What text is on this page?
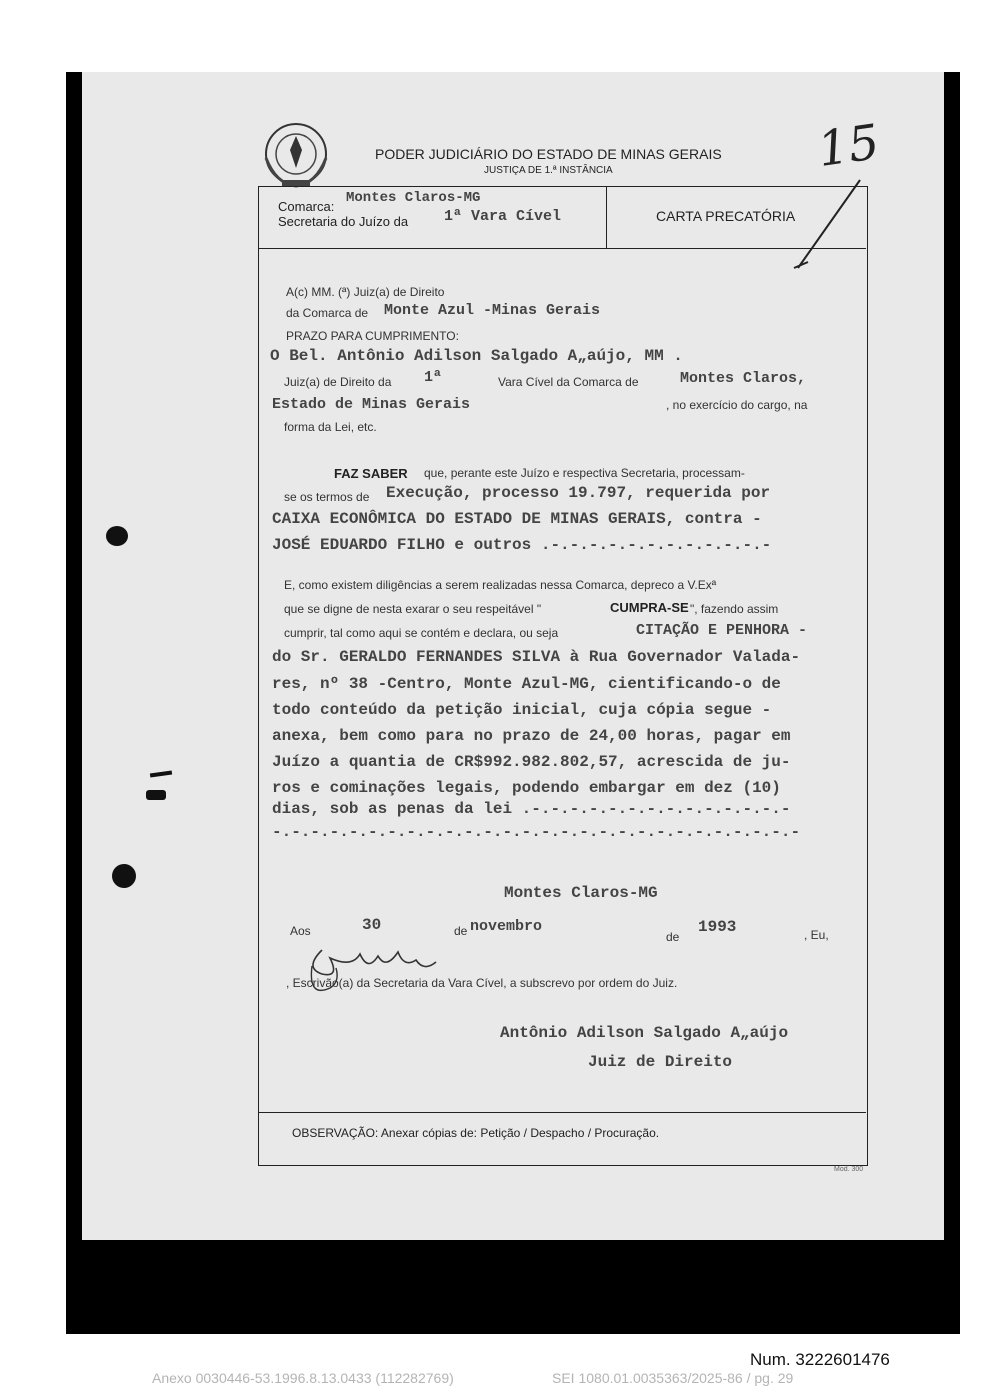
PODER JUDICIÁRIO DO ESTADO DE MINAS GERAIS
JUSTIÇA DE 1.ª INSTÂNCIA	15
Comarca:
Montes Claros-MG
Secretaria do Juízo da 1ª Vara Cível	CARTA PRECATÓRIA
A(c) MM. (ª) Juiz(a) de Direito
da Comarca de Monte Azul -Minas Gerais
PRAZO PARA CUMPRIMENTO:
O Bel. Antônio Adilson Salgado A„aújo, MM .
Juiz(a) de Direito da 1ª	Vara Cível da Comarca de	Montes Claros,
Estado de Minas Gerais	, no exercício do cargo, na
forma da Lei, etc.
FAZ SABER que, perante este Juízo e respectiva Secretaria, processam-
se os termos de Execução, processo 19.797, requerida por
CAIXA ECONÔMICA DO ESTADO DE MINAS GERAIS, contra -
JOSÉ EDUARDO FILHO e outros .-.-.-.-.-.-.-.-.-.-.-.-
E, como existem diligências a serem realizadas nessa Comarca, depreco a V.Exª
que se digne de nesta exarar o seu respeitável "	CUMPRA-SE ", fazendo assim
cumprir, tal como aqui se contém e declara, ou seja	CITAÇÃO E PENHORA -
do Sr. GERALDO FERNANDES SILVA à Rua Governador Valada-
res, nº 38 -Centro, Monte Azul-MG, cientificando-o de
todo conteúdo da petição inicial, cuja cópia segue -
anexa, bem como para no prazo de 24,00 horas, pagar em
Juízo a quantia de CR$992.982.802,57, acrescida de ju-
ros e cominações legais, podendo embargar em dez (10)
dias, sob as penas da lei .-.-.-.-.-.-.-.-.-.-.-.-.-.-
-.-.-.-.-.-.-.-.-.-.-.-.-.-.-.-.-.-.-.-.-.-.-.-.-.-.-.-
Montes Claros-MG
Aos	30	de novembro
de
1993	, Eu,
, Escrivão(a) da Secretaria da Vara Cível, a subscrevo por ordem do Juiz.
Antônio Adilson Salgado A„aújo
Juiz de Direito
OBSERVAÇÃO: Anexar cópias de: Petição / Despacho / Procuração.
Mod. 300
Num. 3222601476
Anexo 0030446-53.1996.8.13.0433 (112282769)	SEI 1080.01.0035363/2025-86 / pg. 29
